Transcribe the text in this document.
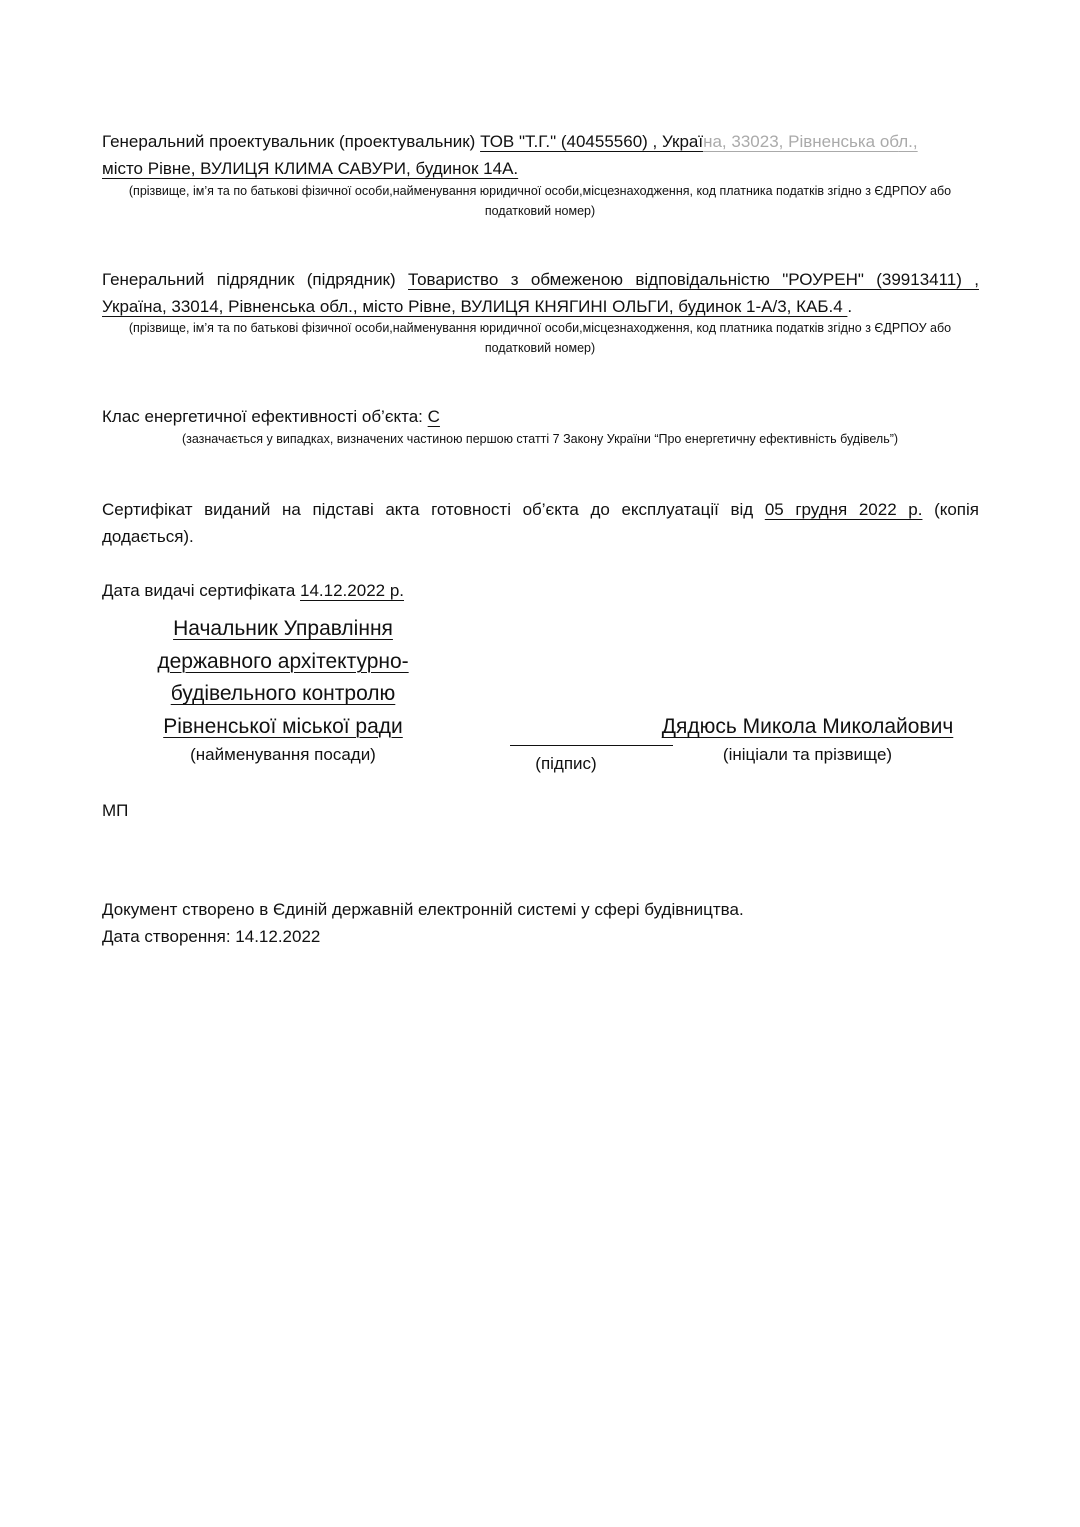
Генеральний проектувальник (проектувальник) ТОВ "Т.Г." (40455560) , Україна, 33023, Рівненська обл.,
місто Рівне, ВУЛИЦЯ КЛИМА САВУРИ, будинок 14А.
(прізвище, ім’я та по батькові фізичної особи,найменування юридичної особи,місцезнаходження, код платника податків згідно з ЄДРПОУ або податковий номер)
Генеральний підрядник (підрядник) Товариство з обмеженою відповідальністю "РОУРЕН" (39913411) ,
Україна, 33014, Рівненська обл., місто Рівне, ВУЛИЦЯ КНЯГИНІ ОЛЬГИ, будинок 1-А/3, КАБ.4 .
(прізвище, ім’я та по батькові фізичної особи,найменування юридичної особи,місцезнаходження, код платника податків згідно з ЄДРПОУ або податковий номер)
Клас енергетичної ефективності об’єкта: C
(зазначається у випадках, визначених частиною першою статті 7 Закону України “Про енергетичну ефективність будівель”)
Сертифікат виданий на підставі акта готовності об’єкта до експлуатації від 05 грудня 2022 р. (копія
додається).
Дата видачі сертифіката 14.12.2022 р.
Начальник Управління
державного архітектурно-
будівельного контролю
Рівненської міської ради
(найменування посади)	(підпис)
Дядюсь Микола Миколайович
(ініціали та прізвище)
МП
Документ створено в Єдиній державній електронній системі у сфері будівництва.
Дата створення: 14.12.2022
